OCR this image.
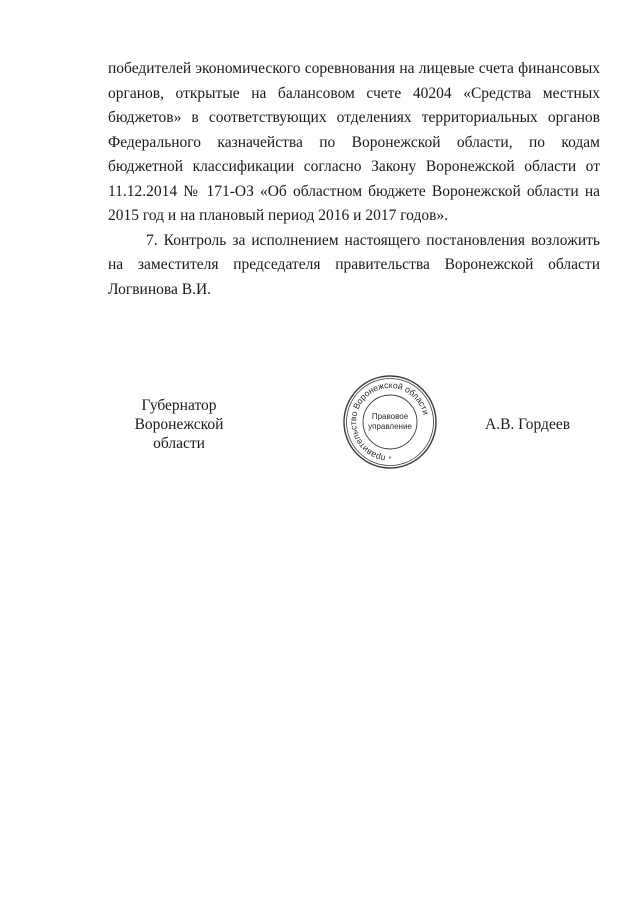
победителей экономического соревнования на лицевые счета финансовых органов, открытые на балансовом счете 40204 «Средства местных бюджетов» в соответствующих отделениях территориальных органов Федерального казначейства по Воронежской области, по кодам бюджетной классификации согласно Закону Воронежской области от 11.12.2014 № 171-ОЗ «Об областном бюджете Воронежской области на 2015 год и на плановый период 2016 и 2017 годов».

7. Контроль за исполнением настоящего постановления возложить на заместителя председателя правительства Воронежской области Логвинова В.И.

Губернатор
Воронежской области
правительство Воронежской области
Правовое
управление
*
А.В. Гордеев
